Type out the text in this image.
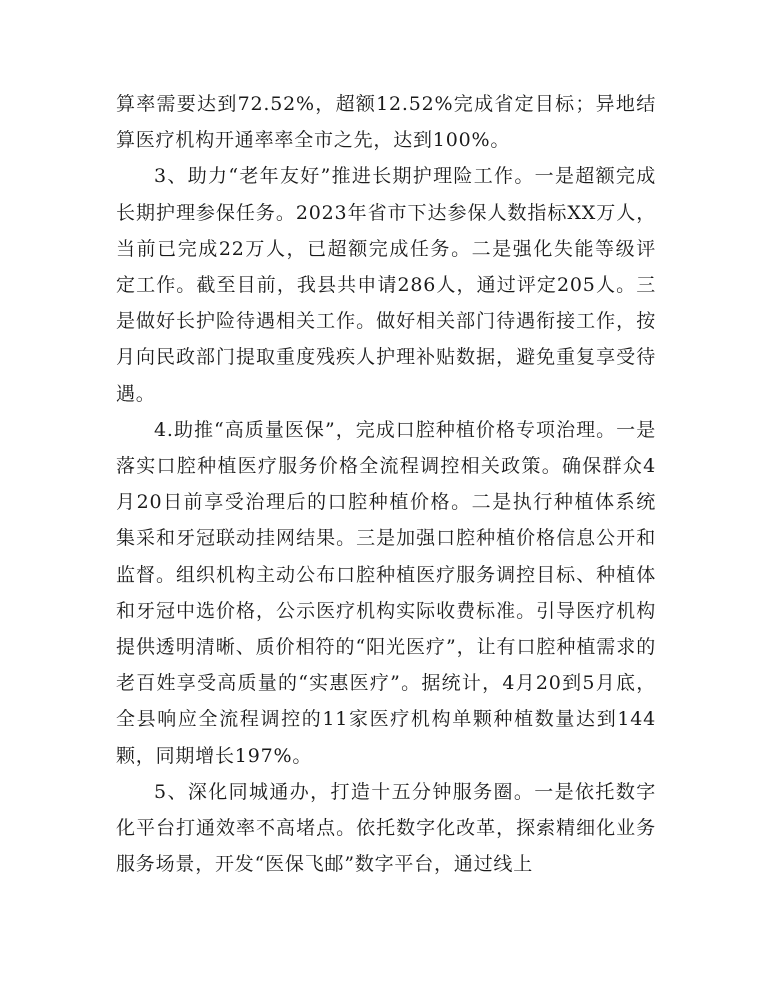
算率需要达到72.52%，超额12.52%完成省定目标；异地结算医疗机构开通率率全市之先，达到100%。

3、助力“老年友好”推进长期护理险工作。一是超额完成长期护理参保任务。2023年省市下达参保人数指标XX万人，当前已完成22万人，已超额完成任务。二是强化失能等级评定工作。截至目前，我县共申请286人，通过评定205人。三是做好长护险待遇相关工作。做好相关部门待遇衔接工作，按月向民政部门提取重度残疾人护理补贴数据，避免重复享受待遇。

4.助推“高质量医保”，完成口腔种植价格专项治理。一是落实口腔种植医疗服务价格全流程调控相关政策。确保群众4月20日前享受治理后的口腔种植价格。二是执行种植体系统集采和牙冠联动挂网结果。三是加强口腔种植价格信息公开和监督。组织机构主动公布口腔种植医疗服务调控目标、种植体和牙冠中选价格，公示医疗机构实际收费标准。引导医疗机构提供透明清晰、质价相符的“阳光医疗”，让有口腔种植需求的老百姓享受高质量的“实惠医疗”。据统计，4月20到5月底，全县响应全流程调控的11家医疗机构单颗种植数量达到144颗，同期增长197%。

5、深化同城通办，打造十五分钟服务圈。一是依托数字化平台打通效率不高堵点。依托数字化改革，探索精细化业务服务场景，开发“医保飞邮”数字平台，通过线上
